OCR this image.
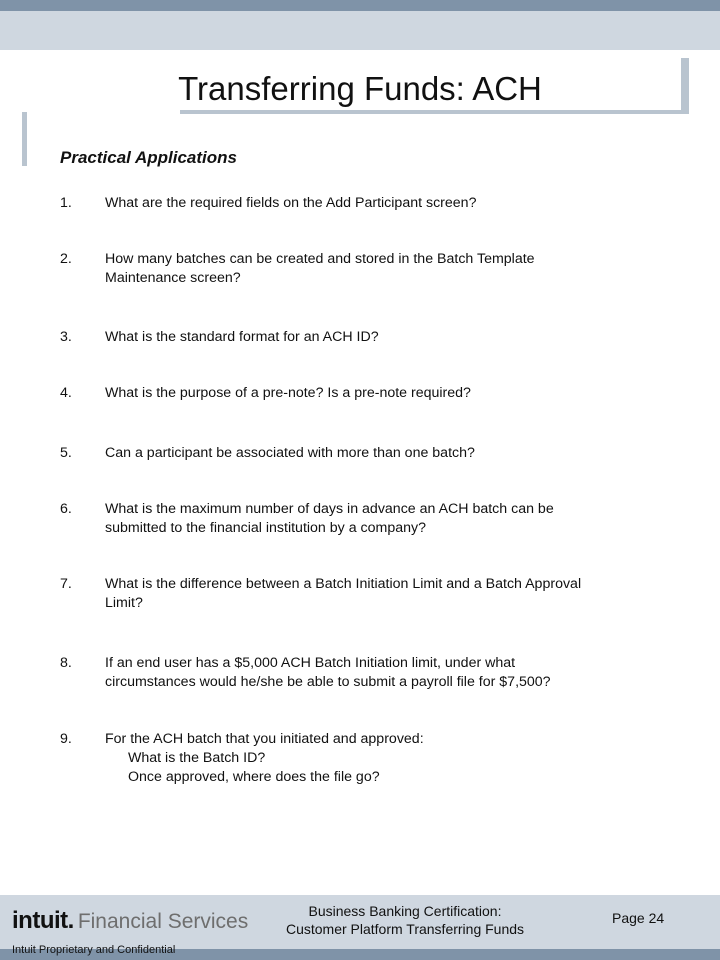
Transferring Funds: ACH
Practical Applications
1.	What are the required fields on the Add Participant screen?
2.	How many batches can be created and stored in the Batch Template
Maintenance screen?
3.	What is the standard format for an ACH ID?
4.	What is the purpose of a pre-note? Is a pre-note required?
5.	Can a participant be associated with more than one batch?
6.	What is the maximum number of days in advance an ACH batch can be
submitted to the financial institution by a company?
7.	What is the difference between a Batch Initiation Limit and a Batch Approval
Limit?
8.	If an end user has a $5,000 ACH Batch Initiation limit, under what
circumstances would he/she be able to submit a payroll file for $7,500?
9.	For the ACH batch that you initiated and approved:
What is the Batch ID?
Once approved, where does the file go?
intuit. Financial Services	Business Banking Certification:
Customer Platform Transferring Funds
Page 24
Intuit Proprietary and Confidential
